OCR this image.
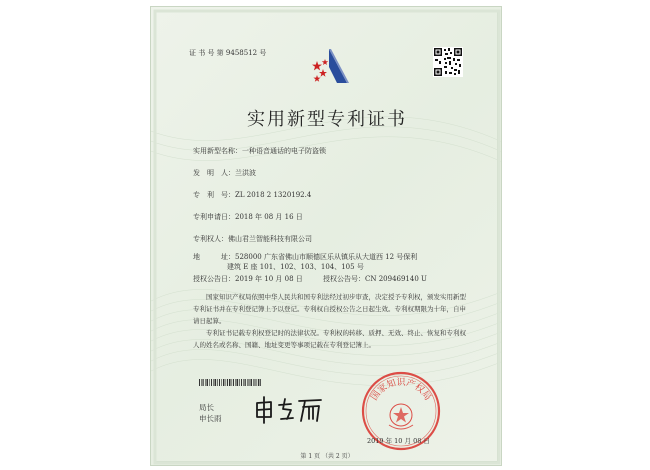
证 书 号 第 9458512 号
实用新型专利证书
实用新型名称：一种语音通话的电子防盗锁
发　明　人：兰洪波
专　利　号：ZL 2018 2 1320192.4
专利申请日：2018 年 08 月 16 日
专利权人：佛山君兰智能科技有限公司
地　　　址：528000 广东省佛山市顺德区乐从镇乐从大道西 12 号保利
建筑 E 座 101、102、103、104、105 号
授权公告日：2019 年 10 月 08 日	授权公告号：CN 209469140 U
国家知识产权局依照中华人民共和国专利法经过初步审查，决定授予专利权，颁发实用新型专利证书并在专利登记簿上予以登记。专利权自授权公告之日起生效。专利权期限为十年，自申请日起算。
专利证书记载专利权登记时的法律状况。专利权的转移、质押、无效、终止、恢复和专利权人的姓名或名称、国籍、地址变更等事项记载在专利登记簿上。
局长
申长雨
国家知识产权局
2019 年 10 月 08 日
第 1 页 （共 2 页）
